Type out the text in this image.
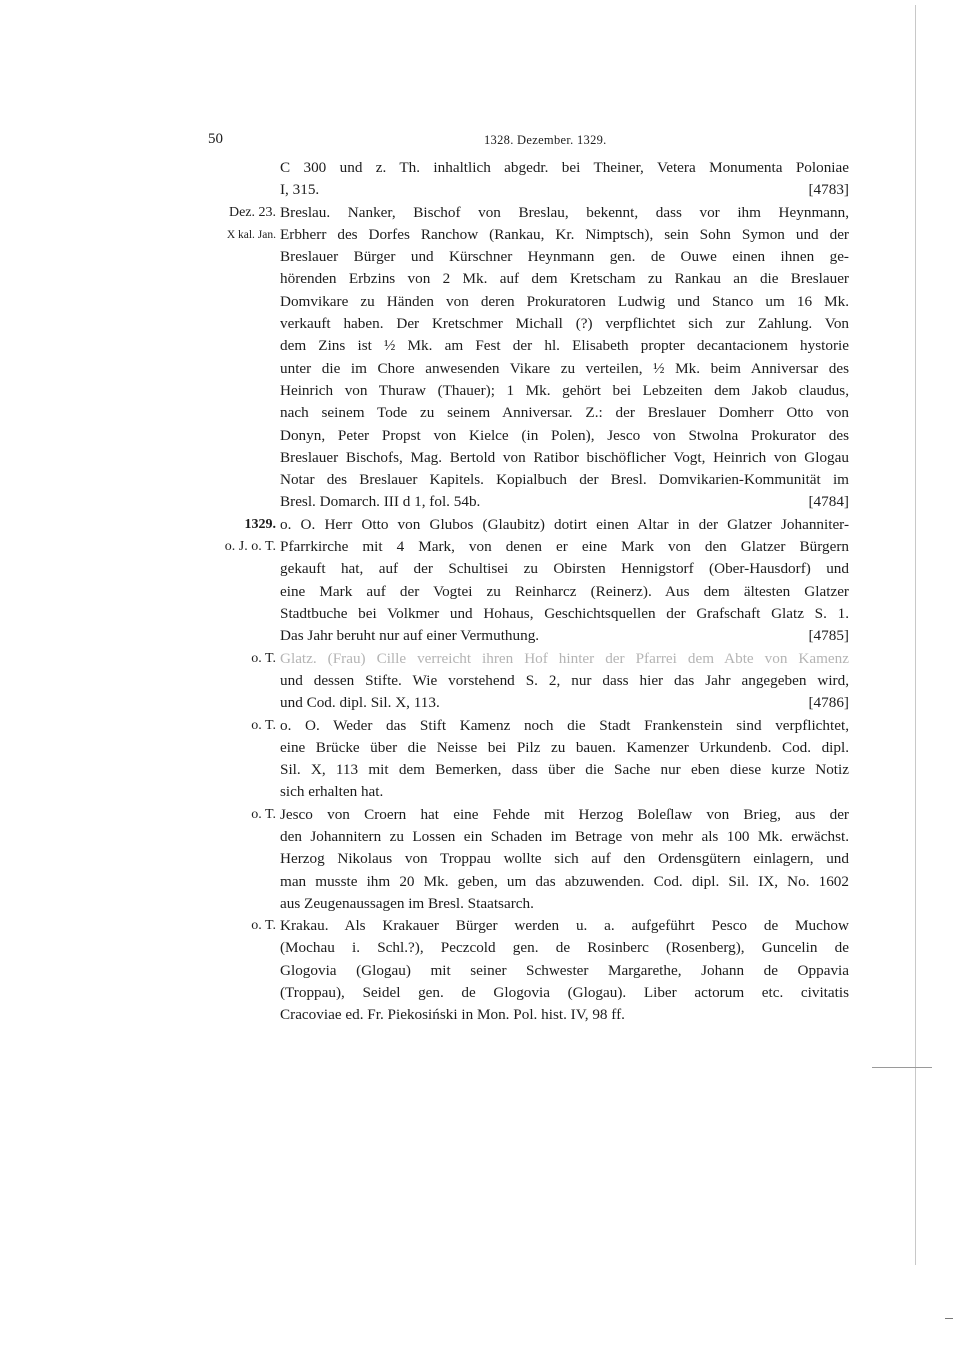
50	1328. Dezember. 1329.
C 300 und z. Th. inhaltlich abgedr. bei Theiner, Vetera Monumenta Poloniae
I, 315.	[4783]
Dez. 23.
X kal. Jan.
Breslau. Nanker, Bischof von Breslau, bekennt, dass vor ihm Heynmann,
Erbherr des Dorfes Ranchow (Rankau, Kr. Nimptsch), sein Sohn Symon und der
Breslauer Bürger und Kürschner Heynmann gen. de Ouwe einen ihnen ge-
hörenden Erbzins von 2 Mk. auf dem Kretscham zu Rankau an die Breslauer
Domvikare zu Händen von deren Prokuratoren Ludwig und Stanco um 16 Mk.
verkauft haben. Der Kretschmer Michall (?) verpflichtet sich zur Zahlung. Von
dem Zins ist ½ Mk. am Fest der hl. Elisabeth propter decantacionem hystorie
unter die im Chore anwesenden Vikare zu verteilen, ½ Mk. beim Anniversar des
Heinrich von Thuraw (Thauer); 1 Mk. gehört bei Lebzeiten dem Jakob claudus,
nach seinem Tode zu seinem Anniversar. Z.: der Breslauer Domherr Otto von
Donyn, Peter Propst von Kielce (in Polen), Jesco von Stwolna Prokurator des
Breslauer Bischofs, Mag. Bertold von Ratibor bischöflicher Vogt, Heinrich von Glogau
Notar des Breslauer Kapitels. Kopialbuch der Bresl. Domvikarien-Kommunität im
Bresl. Domarch. III d 1, fol. 54b.	[4784]
1329.
o. J. o. T.
o. O. Herr Otto von Glubos (Glaubitz) dotirt einen Altar in der Glatzer Johanniter-
Pfarrkirche mit 4 Mark, von denen er eine Mark von den Glatzer Bürgern
gekauft hat, auf der Schultisei zu Obirsten Hennigstorf (Ober-Hausdorf) und
eine Mark auf der Vogtei zu Reinharcz (Reinerz). Aus dem ältesten Glatzer
Stadtbuche bei Volkmer und Hohaus, Geschichtsquellen der Grafschaft Glatz S. 1.
Das Jahr beruht nur auf einer Vermuthung.	[4785]
o. T. Glatz. (Frau) Cille verreicht ihren Hof hinter der Pfarrei dem Abte von Kamenz
und dessen Stifte. Wie vorstehend S. 2, nur dass hier das Jahr angegeben wird,
und Cod. dipl. Sil. X, 113.	[4786]
o. T. o. O. Weder das Stift Kamenz noch die Stadt Frankenstein sind verpflichtet,
eine Brücke über die Neisse bei Pilz zu bauen. Kamenzer Urkundenb. Cod. dipl.
Sil. X, 113 mit dem Bemerken, dass über die Sache nur eben diese kurze Notiz
sich erhalten hat.
o. T. Jesco von Croern hat eine Fehde mit Herzog Boleſlaw von Brieg, aus der
den Johannitern zu Lossen ein Schaden im Betrage von mehr als 100 Mk. erwächst.
Herzog Nikolaus von Troppau wollte sich auf den Ordensgütern einlagern, und
man musste ihm 20 Mk. geben, um das abzuwenden. Cod. dipl. Sil. IX, No. 1602
aus Zeugenaussagen im Bresl. Staatsarch.
o. T. Krakau. Als Krakauer Bürger werden u. a. aufgeführt Pesco de Muchow
(Mochau i. Schl.?), Peczcold gen. de Rosinberc (Rosenberg), Guncelin de
Glogovia (Glogau) mit seiner Schwester Margarethe, Johann de Oppavia
(Troppau), Seidel gen. de Glogovia (Glogau). Liber actorum etc. civitatis
Cracoviae ed. Fr. Piekosiński in Mon. Pol. hist. IV, 98 ff.
